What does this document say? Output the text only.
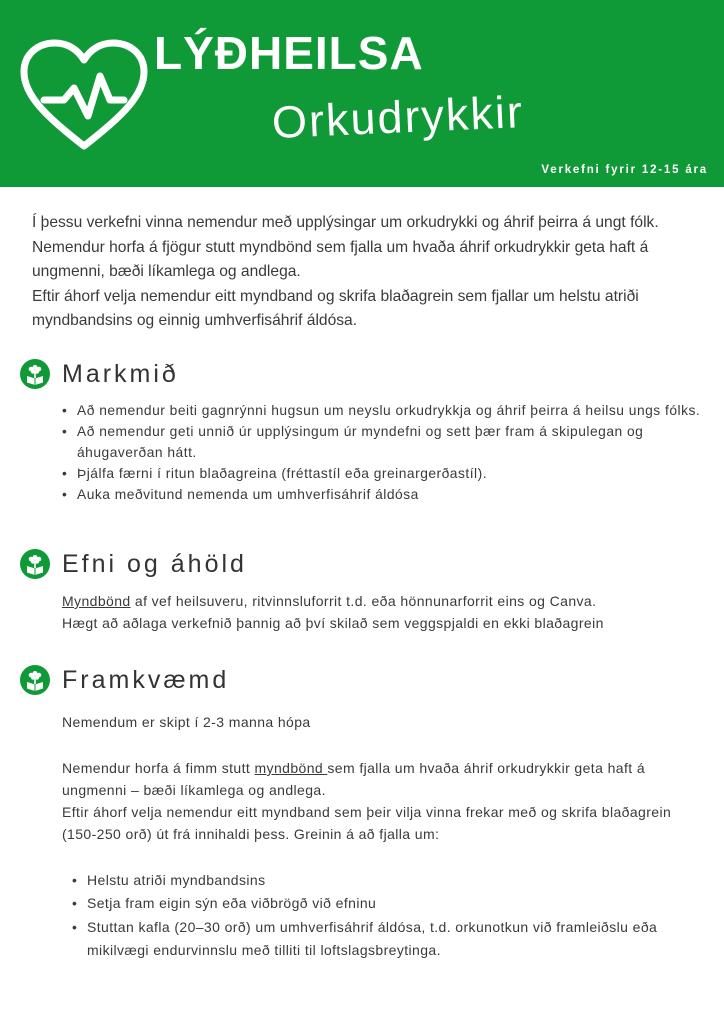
LÝÐHEILSA
Orkudrykkir
Verkefni fyrir 12-15 ára

Í þessu verkefni vinna nemendur með upplýsingar um orkudrykki og áhrif þeirra á ungt fólk. Nemendur horfa á fjögur stutt myndbönd sem fjalla um hvaða áhrif orkudrykkir geta haft á ungmenni, bæði líkamlega og andlega.

Eftir áhorf velja nemendur eitt myndband og skrifa blaðagrein sem fjallar um helstu atriði myndbandsins og einnig umhverfisáhrif áldósa.

Markmið
• Að nemendur beiti gagnrýnni hugsun um neyslu orkudrykkja og áhrif þeirra á heilsu ungs fólks.
• Að nemendur geti unnið úr upplýsingum úr myndefni og sett þær fram á skipulegan og áhugaverðan hátt.
• Þjálfa færni í ritun blaðagreina (fréttastíl eða greinargerðastíl).
• Auka meðvitund nemenda um umhverfisáhrif áldósa
Efni og áhöld

Myndbönd af vef heilsuveru, ritvinnsluforrit t.d. eða hönnunarforrit eins og Canva.
Hægt að aðlaga verkefnið þannig að því skilað sem veggspjaldi en ekki blaðagrein

Framkvæmd

Nemendum er skipt í 2-3 manna hópa

Nemendur horfa á fimm stutt myndbönd sem fjalla um hvaða áhrif orkudrykkir geta haft á ungmenni – bæði líkamlega og andlega.

Eftir áhorf velja nemendur eitt myndband sem þeir vilja vinna frekar með og skrifa blaðagrein (150-250 orð) út frá innihaldi þess. Greinin á að fjalla um:

• Helstu atriði myndbandsins
• Setja fram eigin sýn eða viðbrögð við efninu
• Stuttan kafla (20–30 orð) um umhverfisáhrif áldósa, t.d. orkunotkun við framleiðslu eða mikilvægi endurvinnslu með tilliti til loftslagsbreytinga.
